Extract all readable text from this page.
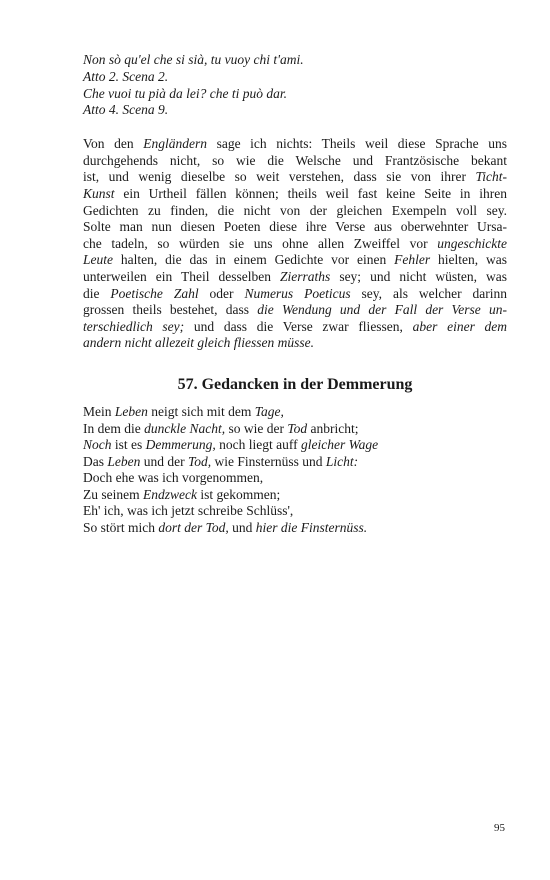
Non sò qu'el che si sià, tu vuoy chi t'ami.
Atto 2. Scena 2.
Che vuoi tu pià da lei? che ti può dar.
Atto 4. Scena 9.
Von den Engländern sage ich nichts: Theils weil diese Sprache uns
durchgehends nicht, so wie die Welsche und Frantzösische bekant
ist, und wenig dieselbe so weit verstehen, dass sie von ihrer Ticht-
Kunst ein Urtheil fällen können; theils weil fast keine Seite in ihren
Gedichten zu finden, die nicht von der gleichen Exempeln voll sey.
Solte man nun diesen Poeten diese ihre Verse aus oberwehnter Ursa-
che tadeln, so würden sie uns ohne allen Zweiffel vor ungeschickte
Leute halten, die das in einem Gedichte vor einen Fehler hielten, was
unterweilen ein Theil desselben Zierraths sey; und nicht wüsten, was
die Poetische Zahl oder Numerus Poeticus sey, als welcher darinn
grossen theils bestehet, dass die Wendung und der Fall der Verse un-
terschiedlich sey; und dass die Verse zwar fliessen, aber einer dem
andern nicht allezeit gleich fliessen müsse.
57. Gedancken in der Demmerung
Mein Leben neigt sich mit dem Tage,
In dem die dunckle Nacht, so wie der Tod anbricht;
Noch ist es Demmerung, noch liegt auff gleicher Wage
Das Leben und der Tod, wie Finsternüss und Licht:
Doch ehe was ich vorgenommen,
Zu seinem Endzweck ist gekommen;
Eh' ich, was ich jetzt schreibe Schlüss',
So stört mich dort der Tod, und hier die Finsternüss.
95
